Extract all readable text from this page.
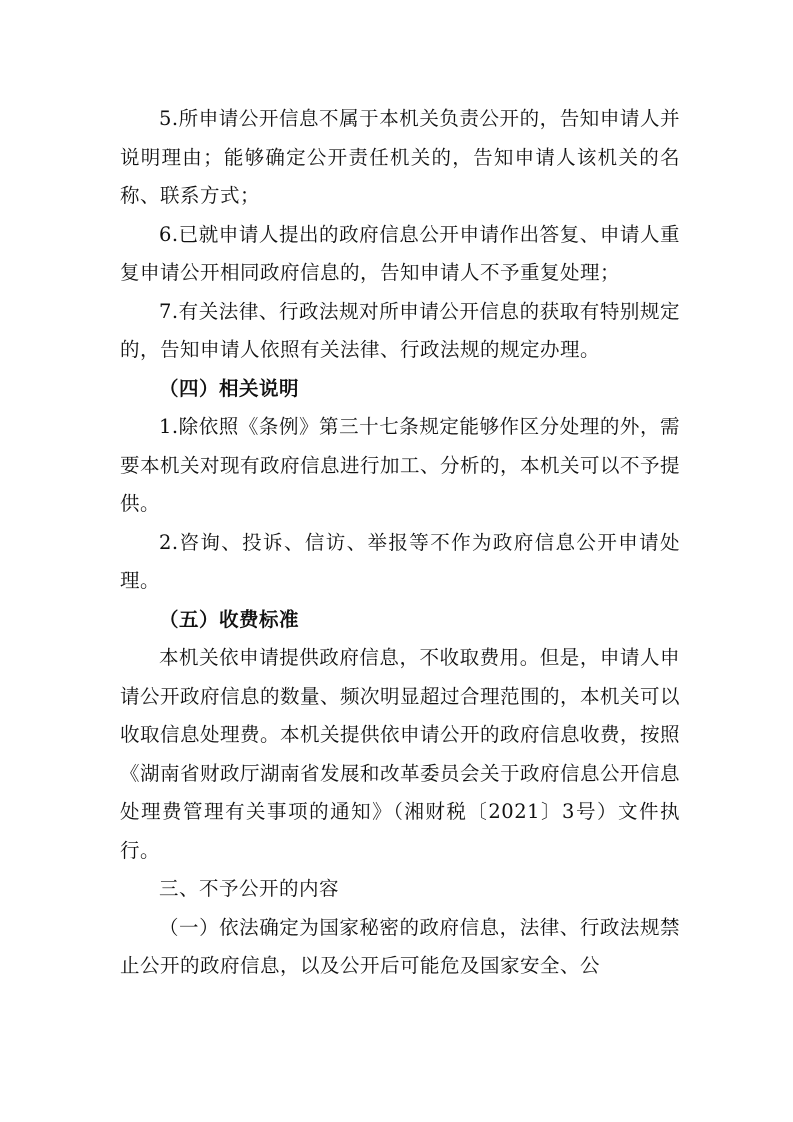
5.所申请公开信息不属于本机关负责公开的，告知申请人并说明理由；能够确定公开责任机关的，告知申请人该机关的名称、联系方式；

6.已就申请人提出的政府信息公开申请作出答复、申请人重复申请公开相同政府信息的，告知申请人不予重复处理；

7.有关法律、行政法规对所申请公开信息的获取有特别规定的，告知申请人依照有关法律、行政法规的规定办理。

（四）相关说明

1.除依照《条例》第三十七条规定能够作区分处理的外，需要本机关对现有政府信息进行加工、分析的，本机关可以不予提供。

2.咨询、投诉、信访、举报等不作为政府信息公开申请处理。

（五）收费标准

本机关依申请提供政府信息，不收取费用。但是，申请人申请公开政府信息的数量、频次明显超过合理范围的，本机关可以收取信息处理费。本机关提供依申请公开的政府信息收费，按照《湖南省财政厅湖南省发展和改革委员会关于政府信息公开信息处理费管理有关事项的通知》（湘财税〔2021〕3号）文件执行。

三、不予公开的内容

（一）依法确定为国家秘密的政府信息，法律、行政法规禁止公开的政府信息，以及公开后可能危及国家安全、公
